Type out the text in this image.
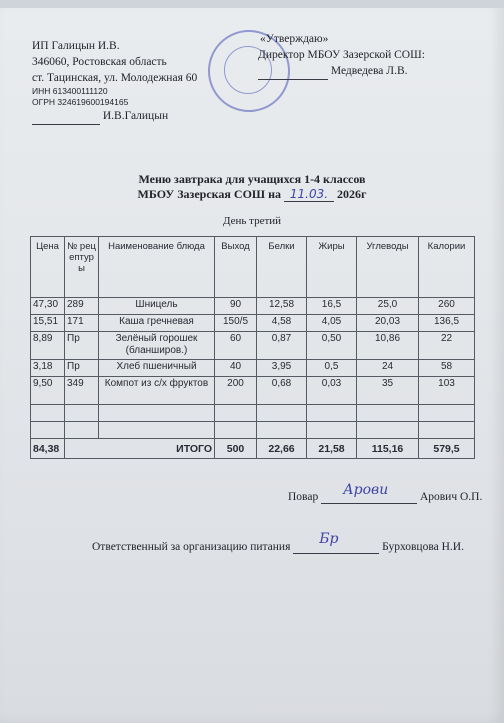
ИП Галицын И.В.
346060, Ростовская область
ст. Тацинская, ул. Молодежная 60
ИНН 613400111120
ОГРН 324619600194165
И.В.Галицын
«Утверждаю»
Директор МБОУ Зазерской СОШ:
Медведева Л.В.
Меню завтрака для учащихся 1-4 классов
МБОУ Зазерская СОШ на 11.03. 2026г
День третий
Цена	№ рецептуры	Наименование блюда	Выход	Белки	Жиры	Углеводы	Калории
47,30	289	Шницель	90	12,58	16,5	25,0	260
15,51	171	Каша гречневая	150/5	4,58	4,05	20,03	136,5
8,89	Пр	Зелёный горошек (бланширов.)	60	0,87	0,50	10,86	22
3,18	Пр	Хлеб пшеничный	40	3,95	0,5	24	58
9,50	349	Компот из с/х фруктов	200	0,68	0,03	35	103

84,38	ИТОГО		500	22,66	21,58	115,16	579,5
Повар Арови	Арович О.П.
Ответственный за организацию питания Бр	Бурховцова Н.И.
